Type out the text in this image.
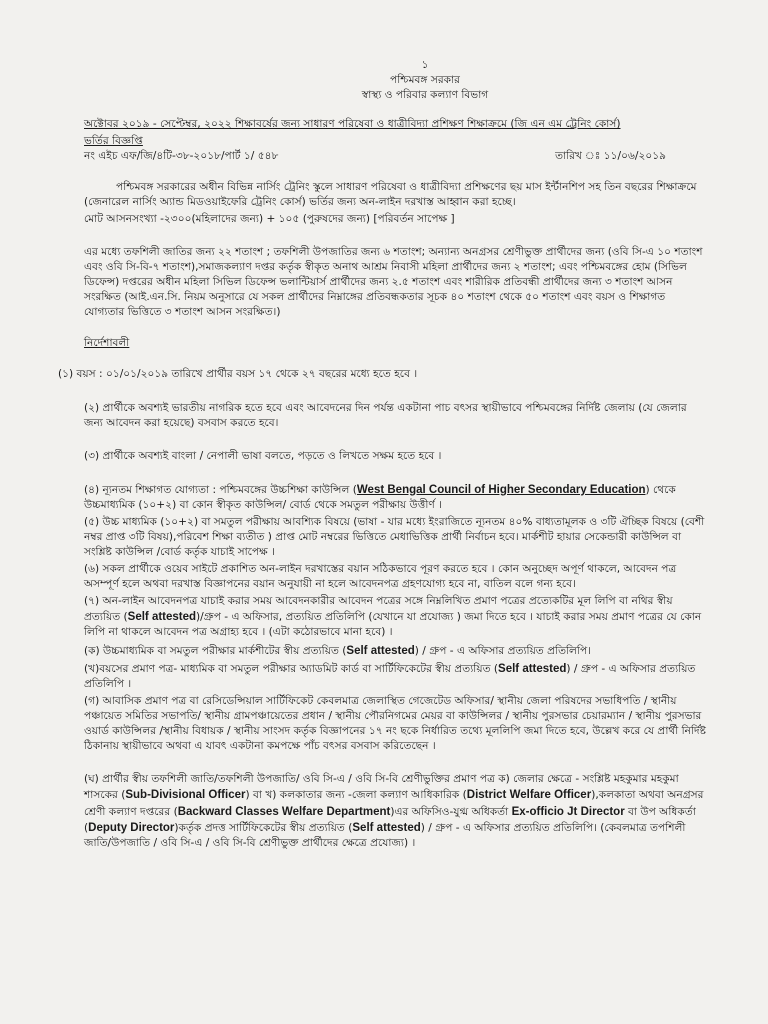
১
পশ্চিমবঙ্গ সরকার
স্বাস্থ্য ও পরিবার কল্যাণ বিভাগ
অক্টোবর ২০১৯ - সেপ্টেম্বর, ২০২২ শিক্ষাবর্ষের জন্য সাধারণ পরিষেবা ও ধাত্রীবিদ্যা প্রশিক্ষণ শিক্ষাক্রমে (জি এন এম ট্রেনিং কোর্স)
ভর্তির বিজ্ঞপ্তি
নং এইচ এফ/জি/৪টি-৩৮-২০১৮/পার্ট ১/ ৫৪৮	তারিখ ঃ ১১/০৬/২০১৯
পশ্চিমবঙ্গ সরকারের অধীন বিভিন্ন নার্সিং ট্রেনিং স্কুলে সাধারণ পরিষেবা ও ধাত্রীবিদ্যা প্রশিক্ষণের ছয় মাস ইর্ন্টানশিপ সহ তিন বছরের শিক্ষাক্রমে (জেনারেল নার্সিং অ্যান্ড মিডওয়াইফেরি ট্রেনিং কোর্স) ভর্তির জন্য অন-লাইন দরখাস্ত আহ্বান করা হচ্ছে।
মোট আসনসংখ্যা -২৩০০(মহিলাদের জন্য) + ১০৫ (পুরুষদের জন্য) [পরিবর্তন সাপেক্ষ ]
এর মধ্যে তফশিলী জাতির জন্য ২২ শতাংশ ; তফশিলী উপজাতির জন্য ৬ শতাংশ; অন্যান্য অনগ্রসর শ্রেণীভুক্ত প্রার্থীদের জন্য (ওবি সি-এ ১০ শতাংশ এবং ওবি সি-বি-৭ শতাংশ),সমাজকল্যাণ দপ্তর কর্তৃক স্বীকৃত অনাথ আশ্রম নিবাসী মহিলা প্রার্থীদের জন্য ২ শতাংশ; এবং পশ্চিমবঙ্গের হোম (সিভিল ডিফেন্স) দপ্তরের অধীন মহিলা সিভিল ডিফেন্স ভলান্টিয়ার্স প্রার্থীদের জন্য ২.৫ শতাংশ এবং শারীরিক প্রতিবন্ধী প্রার্থীদের জন্য ৩ শতাংশ আসন সংরক্ষিত (আই.এন.সি. নিয়ম অনুসারে যে সকল প্রার্থীদের নিম্নাঙ্গের প্রতিবন্ধকতার সূচক ৪০ শতাংশ থেকে ৫০ শতাংশ এবং বয়স ও শিক্ষাগত যোগ্যতার ভিত্তিতে ৩ শতাংশ আসন সংরক্ষিত।)
নির্দেশাবলী
(১) বয়স : ০১/০১/২০১৯ তারিখে প্রার্থীর বয়স ১৭ থেকে ২৭ বছরের মধ্যে হতে হবে ।
(২) প্রার্থীকে অবশ্যই ভারতীয় নাগরিক হতে হবে এবং আবেদনের দিন পর্যন্ত একটানা পাচ বৎসর স্থায়ীভাবে পশ্চিমবঙ্গের নির্দিষ্ট জেলায় (যে জেলার জন্য আবেদন করা হয়েছে) বসবাস করতে হবে।
(৩) প্রার্থীকে অবশ্যই বাংলা / নেপালী ভাষা বলতে, পড়তে ও লিখতে সক্ষম হতে হবে ।
(৪) ন্যূনতম শিক্ষাগত যোগ্যতা : পশ্চিমবঙ্গের উচ্চশিক্ষা কাউন্সিল (West Bengal Council of Higher Secondary Education) থেকে উচ্চমাধ্যমিক (১০+২) বা কোন স্বীকৃত কাউন্সিল/ বোর্ড থেকে সমতুল পরীক্ষায় উত্তীর্ণ ।
(৫) উচ্চ মাধ্যমিক (১০+২) বা সমতুল পরীক্ষায় আবশ্যিক বিষয়ে (ভাষা - যার মধ্যে ইংরাজিতে ন্যূনতম ৪০% বাধ্যতামূলক ও ৩টি ঐচ্ছিক বিষয়ে (বেশী নম্বর প্রাপ্ত ৩টি বিষয়),পরিবেশ শিক্ষা ব্যতীত ) প্রাপ্ত মোট নম্বরের ভিত্তিতে মেধাভিত্তিক প্রার্থী নির্বাচন হবে। মার্কশীট হায়ার সেকেন্ডারী কাউন্সিল বা সংশ্লিষ্ট কাউন্সিল /বোর্ড কর্তৃক যাচাই সাপেক্ষ ।
(৬) সকল প্রার্থীকে ওয়েব সাইটে প্রকাশিত অন-লাইন দরখাস্তের বয়ান সঠিকভাবে পূরণ করতে হবে । কোন অনুচ্ছেদ অপূর্ণ থাকলে, আবেদন পত্র অসম্পূর্ণ হলে অথবা দরখাস্ত বিজ্ঞাপনের বয়ান অনুযায়ী না হলে আবেদনপত্র গ্রহণযোগ্য হবে না, বাতিল বলে গন্য হবে।
(৭) অন-লাইন আবেদনপত্র যাচাই করার সময় আবেদনকারীর আবেদন পত্রের সঙ্গে নিম্নলিখিত প্রমাণ পত্রের প্রত্যেকটির মূল লিপি বা নথির স্বীয় প্রত্যয়িত (Self attested)/গ্রুপ - এ অফিসার, প্রত্যয়িত প্রতিলিপি (যেখানে যা প্রযোজ্য ) জমা দিতে হবে । যাচাই করার সময় প্রমাণ পত্রের যে কোন লিপি না থাকলে আবেদন পত্র অগ্রাহ্য হবে । (এটা কঠোরভাবে মানা হবে) ।
(ক) উচ্চমাধ্যমিক বা সমতুল পরীক্ষার মার্কশীটের স্বীয় প্রত্যয়িত (Self attested) / গ্রুপ - এ অফিসার প্রত্যয়িত প্রতিলিপি।
(খ)বয়সের প্রমাণ পত্র- মাধ্যমিক বা সমতুল পরীক্ষার অ্যাডমিট কার্ড বা সার্টিফিকেটের স্বীয় প্রত্যয়িত (Self attested) / গ্রুপ - এ অফিসার প্রত্যয়িত প্রতিলিপি ।
(গ) আবাসিক প্রমাণ পত্র বা রেসিডেন্সিয়াল সার্টিফিকেট কেবলমাত্র জেলাস্থিত গেজেটেড অফিসার/ স্থানীয় জেলা পরিষদের সভাধিপতি / স্থানীয় পঞ্চায়েত সমিতির সভাপতি/ স্থানীয় গ্রামপঞ্চায়েতের প্রধান / স্থানীয় পৌরনিগমের মেয়র বা কাউন্সিলর / স্থানীয় পুরসভার চেয়ারম্যান / স্থানীয় পুরসভার ওয়ার্ড কাউন্সিলর /স্থানীয় বিধায়ক / স্থানীয় সাংসদ কর্তৃক বিজ্ঞাপনের ১৭ নং ছকে নির্ধারিত তথ্যে মূললিপি জমা দিতে হবে, উল্লেখ করে যে প্রার্থী নির্দিষ্ট ঠিকানায় স্থায়ীভাবে অথবা এ যাবৎ একটানা কমপক্ষে পাঁচ বৎসর বসবাস করিতেছেন ।
(ঘ) প্রার্থীর স্বীয় তফশিলী জাতি/তফশিলী উপজাতি/ ওবি সি-এ / ওবি সি-বি শ্রেণীভুক্তির প্রমাণ পত্র ক) জেলার ক্ষেত্রে - সংশ্লিষ্ট মহকুমার মহকুমা শাসকের (Sub-Divisional Officer) বা খ) কলকাতার জন্য -জেলা কল্যাণ আধিকারিক (District Welfare Officer),কলকাতা অথবা অনগ্রসর শ্রেণী কল্যাণ দপ্তরের (Backward Classes Welfare Department)এর অফিসিও-যুগ্ম অধিকর্তা Ex-officio Jt Director বা উপ অধিকর্তা (Deputy Director)কর্তৃক প্রদত্ত সার্টিফিকেটের স্বীয় প্রত্যয়িত (Self attested) / গ্রুপ - এ অফিসার প্রত্যয়িত প্রতিলিপি। (কেবলমাত্র তপশিলী জাতি/উপজাতি / ওবি সি-এ / ওবি সি-বি শ্রেণীভুক্ত প্রার্থীদের ক্ষেত্রে প্রযোজ্য) ।
